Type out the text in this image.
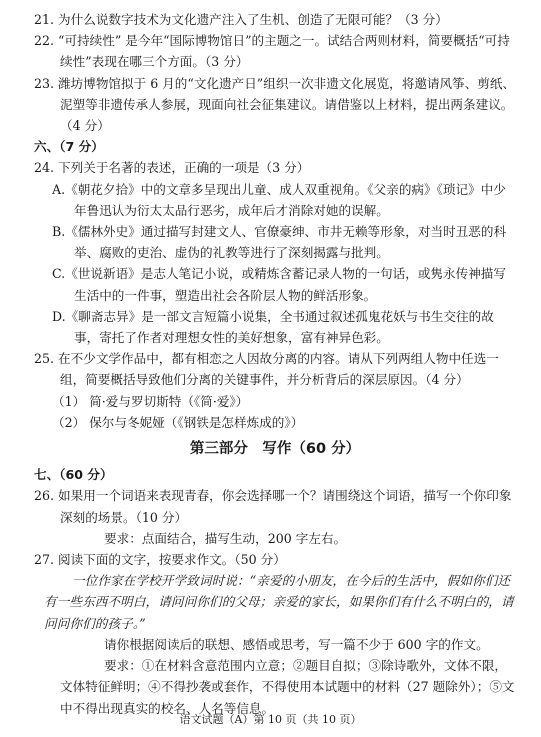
21. 为什么说数字技术为文化遗产注入了生机、创造了无限可能？（3 分）
22. “可持续性” 是今年“国际博物馆日”的主题之一。试结合两则材料，简要概括“可持续性”表现在哪三个方面。（3 分）
23. 潍坊博物馆拟于 6 月的“文化遗产日”组织一次非遗文化展览，将邀请风筝、剪纸、泥塑等非遗传承人参展，现面向社会征集建议。请借鉴以上材料，提出两条建议。（4 分）
六、（7 分）
24. 下列关于名著的表述，正确的一项是（3 分）
A.《朝花夕拾》中的文章多呈现出儿童、成人双重视角。《父亲的病》《琐记》中少年鲁迅认为衍太太品行恶劣，成年后才消除对她的误解。
B.《儒林外史》通过描写封建文人、官僚豪绅、市井无赖等形象，对当时丑恶的科举、腐败的吏治、虚伪的礼教等进行了深刻揭露与批判。
C.《世说新语》是志人笔记小说，或精炼含蓄记录人物的一句话，或隽永传神描写生活中的一件事，塑造出社会各阶层人物的鲜活形象。
D.《聊斋志异》是一部文言短篇小说集，全书通过叙述孤鬼花妖与书生交往的故事，寄托了作者对理想女性的美好想象，富有神异色彩。
25. 在不少文学作品中，都有相恋之人因故分离的内容。请从下列两组人物中任选一组，简要概括导致他们分离的关键事件，并分析背后的深层原因。（4 分）
（1） 简·爱与罗切斯特（《简·爱》）
（2） 保尔与冬妮娅（《钢铁是怎样炼成的》）
第三部分　写作（60 分）
七、（60 分）
26. 如果用一个词语来表现青春，你会选择哪一个？请围绕这个词语，描写一个你印象深刻的场景。（10 分）
要求：点面结合，描写生动，200 字左右。
27. 阅读下面的文字，按要求作文。（50 分）
一位作家在学校开学致词时说：“亲爱的小朋友，在今后的生活中，假如你们还有一些东西不明白，请问问你们的父母；亲爱的家长，如果你们有什么不明白的，请问问你们的孩子。”
请你根据阅读后的联想、感悟或思考，写一篇不少于 600 字的作文。
要求：①在材料含意范围内立意；②题目自拟；③除诗歌外，文体不限，文体特征鲜明；④不得抄袭或套作，不得使用本试题中的材料（27 题除外）；⑤文中不得出现真实的校名、人名等信息。
语文试题（A）第 10 页（共 10 页）
